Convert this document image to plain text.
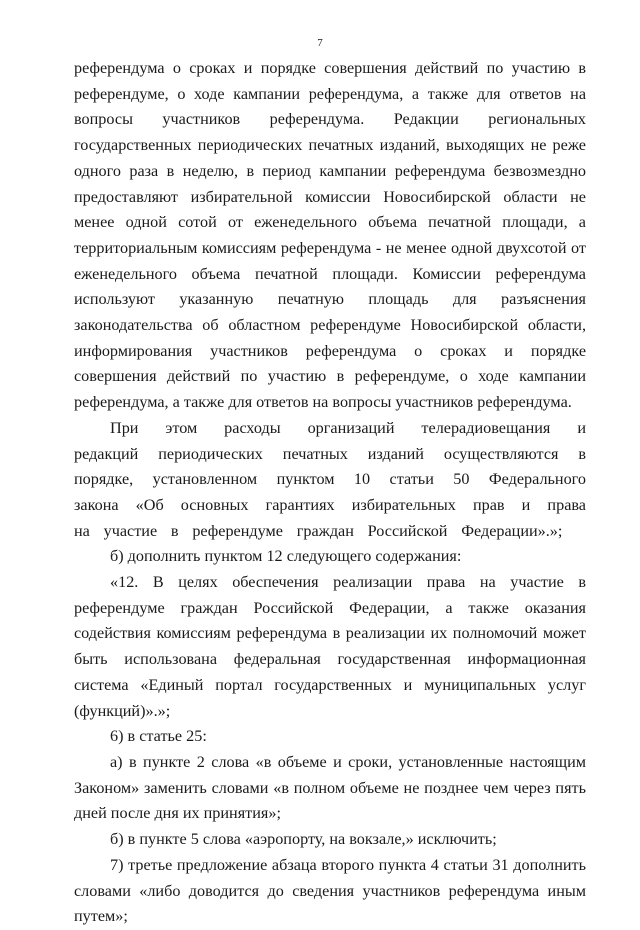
7

референдума о сроках и порядке совершения действий по участию в референдуме, о ходе кампании референдума, а также для ответов на вопросы участников референдума. Редакции региональных государственных периодических печатных изданий, выходящих не реже одного раза в неделю, в период кампании референдума безвозмездно предоставляют избирательной комиссии Новосибирской области не менее одной сотой от еженедельного объема печатной площади, а территориальным комиссиям референдума - не менее одной двухсотой от еженедельного объема печатной площади. Комиссии референдума используют указанную печатную площадь для разъяснения законодательства об областном референдуме Новосибирской области, информирования участников референдума о сроках и порядке совершения действий по участию в референдуме, о ходе кампании референдума, а также для ответов на вопросы участников референдума.

При этом расходы организаций телерадиовещания и редакций периодических печатных изданий осуществляются в порядке, установленном пунктом 10 статьи 50 Федерального закона «Об основных гарантиях избирательных прав и права на участие в референдуме граждан Российской Федерации».»;

б) дополнить пунктом 12 следующего содержания:

«12. В целях обеспечения реализации права на участие в референдуме граждан Российской Федерации, а также оказания содействия комиссиям референдума в реализации их полномочий может быть использована федеральная государственная информационная система «Единый портал государственных и муниципальных услуг (функций)».»;

6) в статье 25:

а) в пункте 2 слова «в объеме и сроки, установленные настоящим Законом» заменить словами «в полном объеме не позднее чем через пять дней после дня их принятия»;

б) в пункте 5 слова «аэропорту, на вокзале,» исключить;

7) третье предложение абзаца второго пункта 4 статьи 31 дополнить словами «либо доводится до сведения участников референдума иным путем»;
